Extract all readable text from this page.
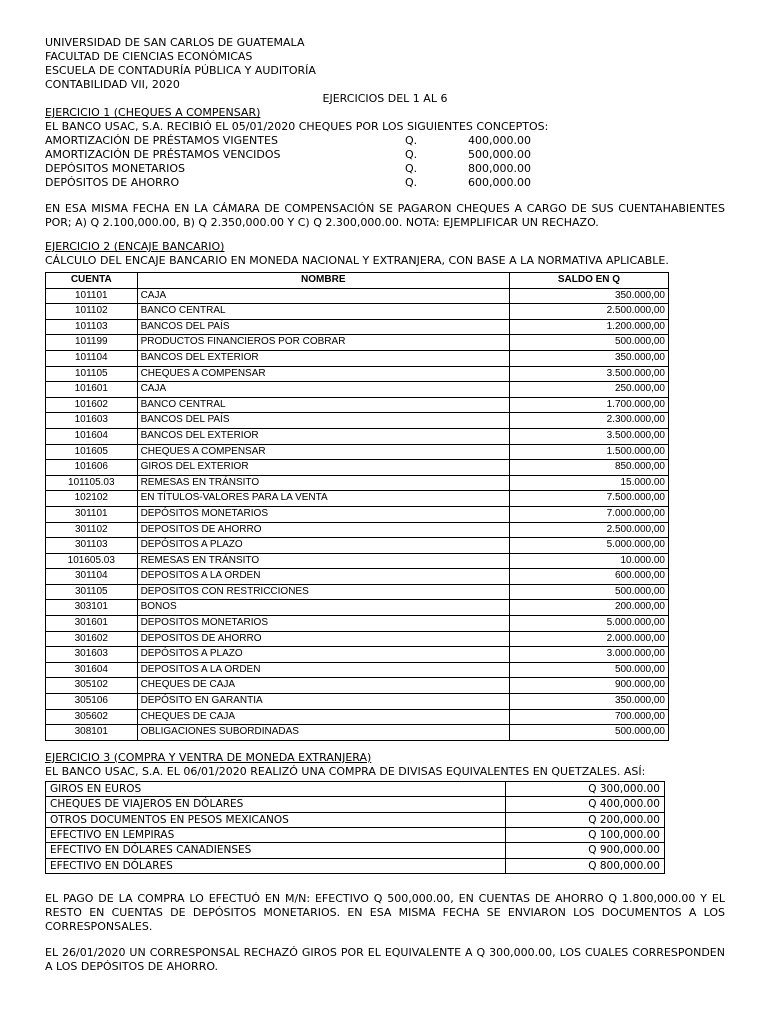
UNIVERSIDAD DE SAN CARLOS DE GUATEMALA
FACULTAD DE CIENCIAS ECONÓMICAS
ESCUELA DE CONTADURÍA PÚBLICA Y AUDITORÍA
CONTABILIDAD VII, 2020
EJERCICIOS DEL 1 AL 6
EJERCICIO 1 (CHEQUES A COMPENSAR)
EL BANCO USAC, S.A. RECIBIÓ EL 05/01/2020 CHEQUES POR LOS SIGUIENTES CONCEPTOS:
AMORTIZACIÓN DE PRÉSTAMOS VIGENTES	Q.	400,000.00
AMORTIZACIÓN DE PRÉSTAMOS VENCIDOS	Q.	500,000.00
DEPÓSITOS MONETARIOS	Q.	800,000.00
DEPÓSITOS DE AHORRO	Q.	600,000.00
EN ESA MISMA FECHA EN LA CÁMARA DE COMPENSACIÓN SE PAGARON CHEQUES A CARGO DE SUS CUENTAHABIENTES POR; A) Q 2.100,000.00, B) Q 2.350,000.00 Y C) Q 2.300,000.00. NOTA: EJEMPLIFICAR UN RECHAZO.
EJERCICIO 2 (ENCAJE BANCARIO)
CÁLCULO DEL ENCAJE BANCARIO EN MONEDA NACIONAL Y EXTRANJERA, CON BASE A LA NORMATIVA APLICABLE.
CUENTA	NOMBRE	SALDO EN Q
101101	CAJA	350.000,00
101102	BANCO CENTRAL	2.500.000,00
101103	BANCOS DEL PAÍS	1.200.000,00
101199	PRODUCTOS FINANCIEROS POR COBRAR	500.000,00
101104	BANCOS DEL EXTERIOR	350.000,00
101105	CHEQUES A COMPENSAR	3.500.000,00
101601	CAJA	250.000,00
101602	BANCO CENTRAL	1.700.000,00
101603	BANCOS DEL PAÍS	2.300.000,00
101604	BANCOS DEL EXTERIOR	3.500.000,00
101605	CHEQUES A COMPENSAR	1.500.000,00
101606	GIROS DEL EXTERIOR	850.000,00
101105.03	REMESAS EN TRÁNSITO	15.000.00
102102	EN TÍTULOS-VALORES PARA LA VENTA	7.500.000,00
301101	DEPÓSITOS MONETARIOS	7.000.000,00
301102	DEPOSITOS DE AHORRO	2.500.000,00
301103	DEPÓSITOS A PLAZO	5.000.000,00
101605.03	REMESAS EN TRÁNSITO	10.000.00
301104	DEPOSITOS A LA ORDEN	600.000,00
301105	DEPOSITOS CON RESTRICCIONES	500.000,00
303101	BONOS	200.000,00
301601	DEPOSITOS MONETARIOS	5.000.000,00
301602	DEPOSITOS DE AHORRO	2.000.000,00
301603	DEPÓSITOS A PLAZO	3.000.000,00
301604	DEPOSITOS A LA ORDEN	500.000,00
305102	CHEQUES DE CAJA	900.000,00
305106	DEPÓSITO EN GARANTIA	350.000,00
305602	CHEQUES DE CAJA	700.000,00
308101	OBLIGACIONES SUBORDINADAS	500.000,00
EJERCICIO 3 (COMPRA Y VENTRA DE MONEDA EXTRANJERA)
EL BANCO USAC, S.A. EL 06/01/2020 REALIZÓ UNA COMPRA DE DIVISAS EQUIVALENTES EN QUETZALES. ASÍ:
GIROS EN EUROS	Q 300,000.00
CHEQUES DE VIAJEROS EN DÓLARES	Q 400,000.00
OTROS DOCUMENTOS EN PESOS MEXICANOS	Q 200,000.00
EFECTIVO EN LEMPIRAS	Q 100,000.00
EFECTIVO EN DÓLARES CANADIENSES	Q 900,000.00
EFECTIVO EN DÓLARES	Q 800,000.00
EL PAGO DE LA COMPRA LO EFECTUÓ EN M/N: EFECTIVO Q 500,000.00, EN CUENTAS DE AHORRO Q 1.800,000.00 Y EL RESTO EN CUENTAS DE DEPÓSITOS MONETARIOS. EN ESA MISMA FECHA SE ENVIARON LOS DOCUMENTOS A LOS CORRESPONSALES.
EL 26/01/2020 UN CORRESPONSAL RECHAZÓ GIROS POR EL EQUIVALENTE A Q 300,000.00, LOS CUALES CORRESPONDEN A LOS DEPÓSITOS DE AHORRO.
